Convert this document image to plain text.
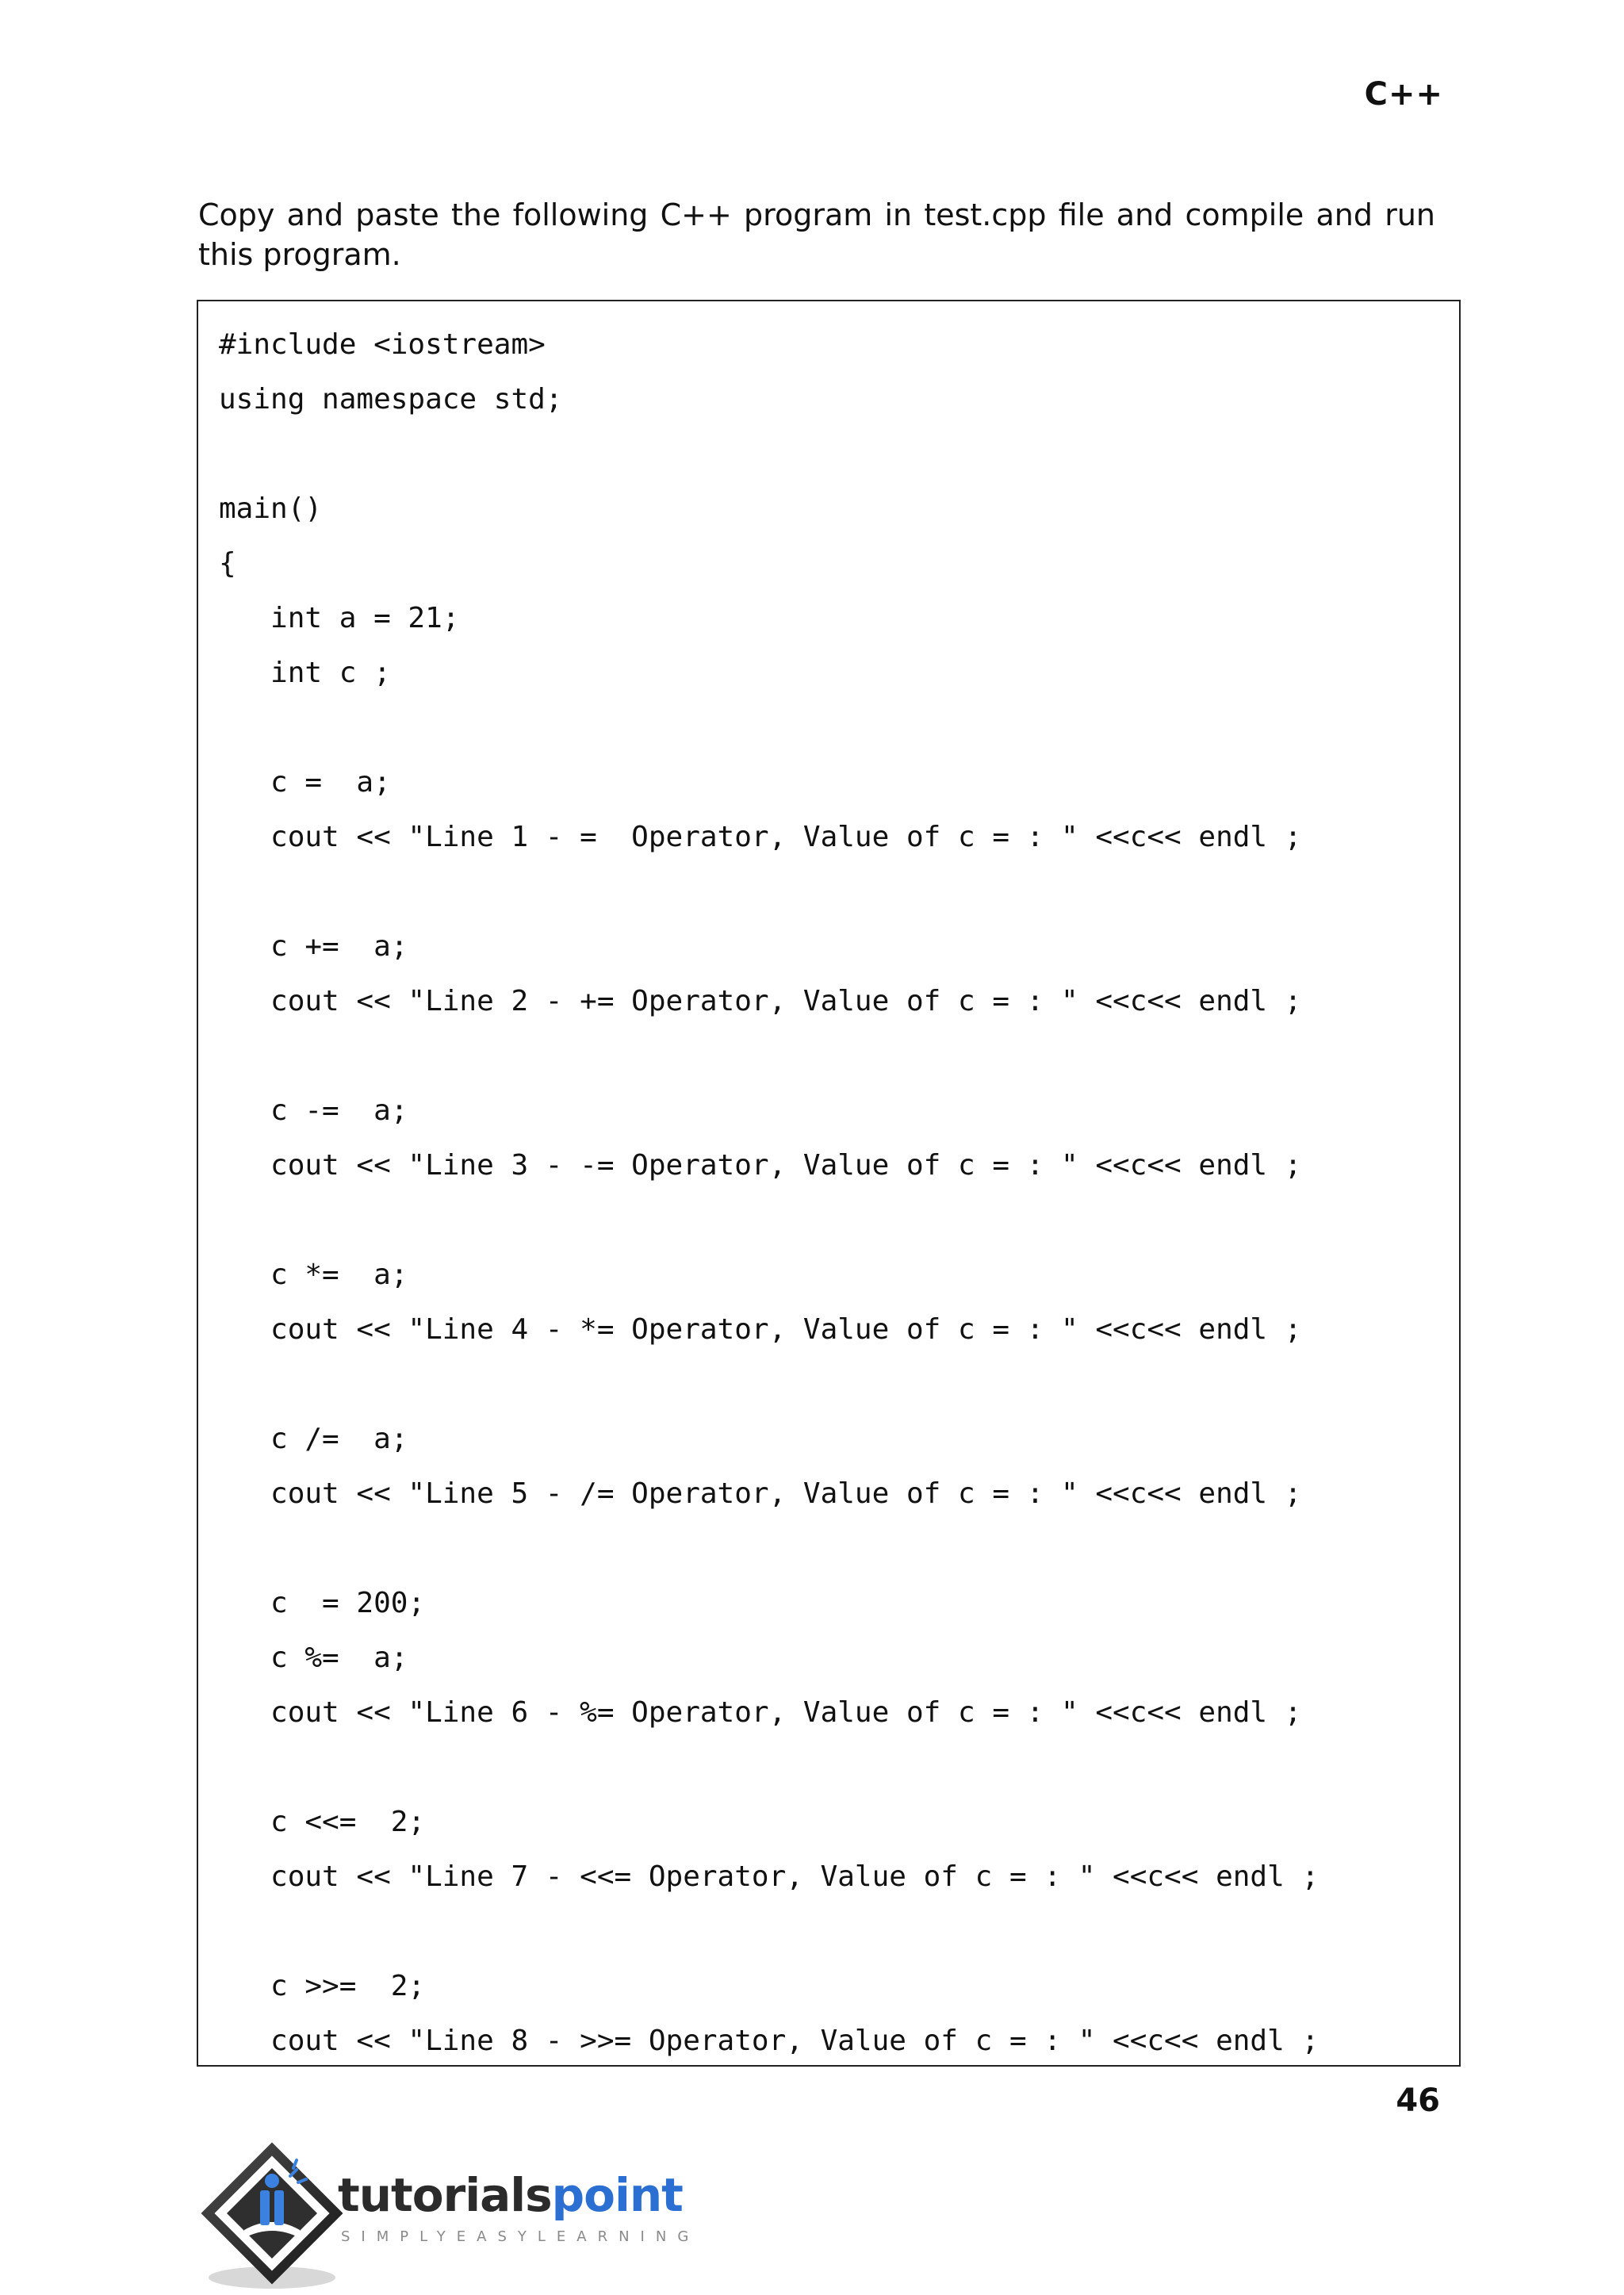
C++
Copy and paste the following C++ program in test.cpp file and compile and run this program.
#include <iostream>
using namespace std;
main()
{
int a = 21;
int c ;
c =  a;
cout << "Line 1 - =  Operator, Value of c = : " <<c<< endl ;
c +=  a;
cout << "Line 2 - += Operator, Value of c = : " <<c<< endl ;
c -=  a;
cout << "Line 3 - -= Operator, Value of c = : " <<c<< endl ;
c *=  a;
cout << "Line 4 - *= Operator, Value of c = : " <<c<< endl ;
c /=  a;
cout << "Line 5 - /= Operator, Value of c = : " <<c<< endl ;
c  = 200;
c %=  a;
cout << "Line 6 - %= Operator, Value of c = : " <<c<< endl ;
c <<=  2;
cout << "Line 7 - <<= Operator, Value of c = : " <<c<< endl ;
c >>=  2;
cout << "Line 8 - >>= Operator, Value of c = : " <<c<< endl ;
46
tutorialspoint
SIMPLYEASYLEARNING
